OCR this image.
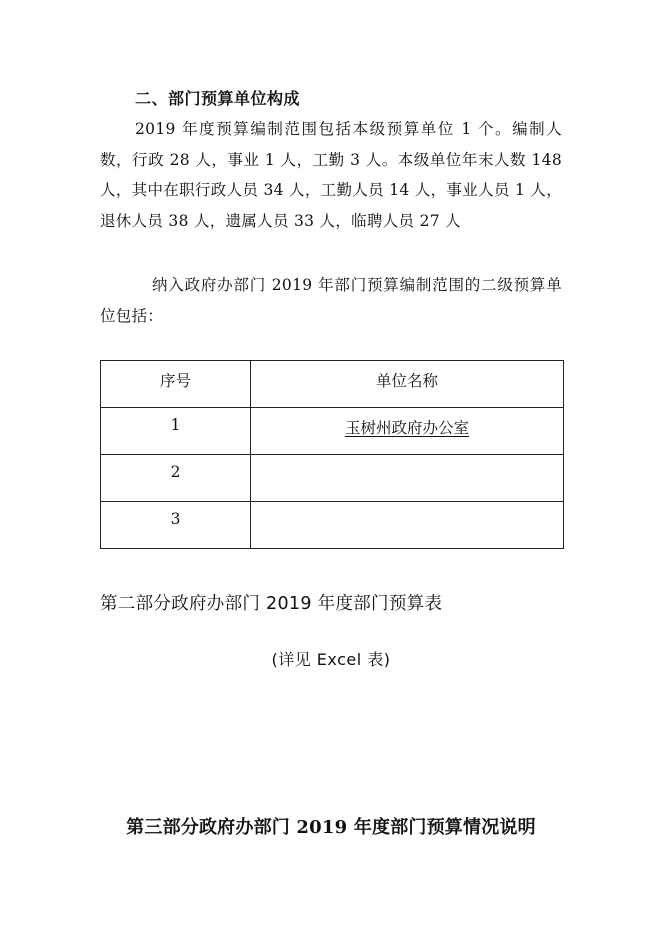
二、部门预算单位构成

2019 年度预算编制范围包括本级预算单位 1 个。编制人数，行政 28 人，事业 1 人，工勤 3 人。本级单位年末人数 148 人，其中在职行政人员 34 人，工勤人员 14 人，事业人员 1 人，退休人员 38 人，遗属人员 33 人，临聘人员 27 人

纳入政府办部门 2019 年部门预算编制范围的二级预算单位包括：

序号	单位名称
1	玉树州政府办公室
2	
3	
第二部分政府办部门 2019 年度部门预算表
(详见 Excel 表)
第三部分政府办部门 2019 年度部门预算情况说明
